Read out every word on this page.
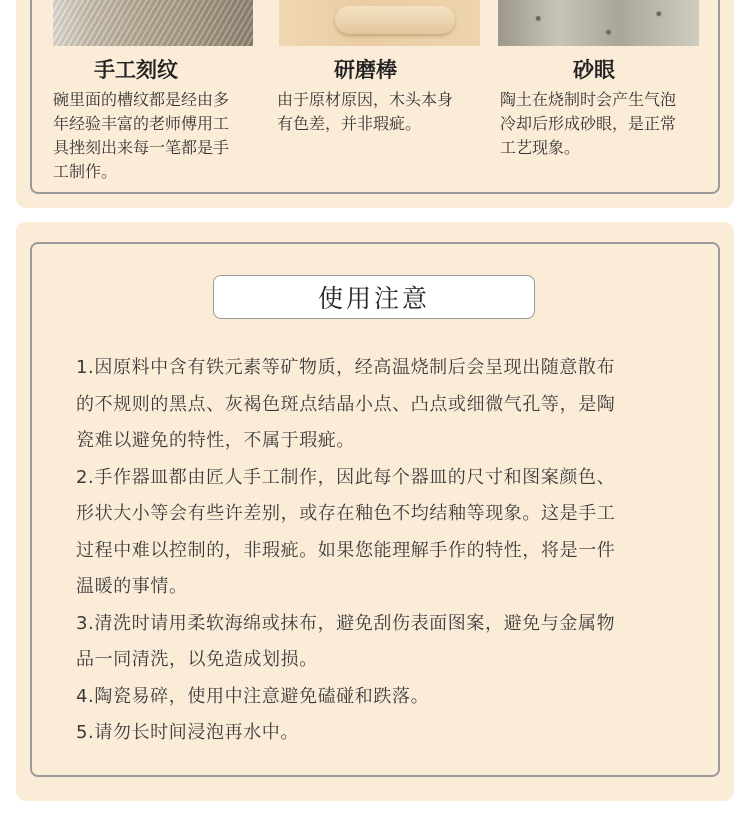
手工刻纹	研磨棒	砂眼
碗里面的槽纹都是经由多
年经验丰富的老师傅用工
具挫刻出来每一笔都是手
工制作。
由于原材原因，木头本身
有色差，并非瑕疵。
陶土在烧制时会产生气泡
冷却后形成砂眼，是正常
工艺现象。
使用注意

1.因原料中含有铁元素等矿物质，经高温烧制后会呈现出随意散布

的不规则的黑点、灰褐色斑点结晶小点、凸点或细微气孔等，是陶

瓷难以避免的特性，不属于瑕疵。

2.手作器皿都由匠人手工制作，因此每个器皿的尺寸和图案颜色、

形状大小等会有些许差别，或存在釉色不均结釉等现象。这是手工

过程中难以控制的，非瑕疵。如果您能理解手作的特性，将是一件

温暖的事情。

3.清洗时请用柔软海绵或抹布，避免刮伤表面图案，避免与金属物

品一同清洗，以免造成划损。

4.陶瓷易碎，使用中注意避免磕碰和跌落。

5.请勿长时间浸泡再水中。
